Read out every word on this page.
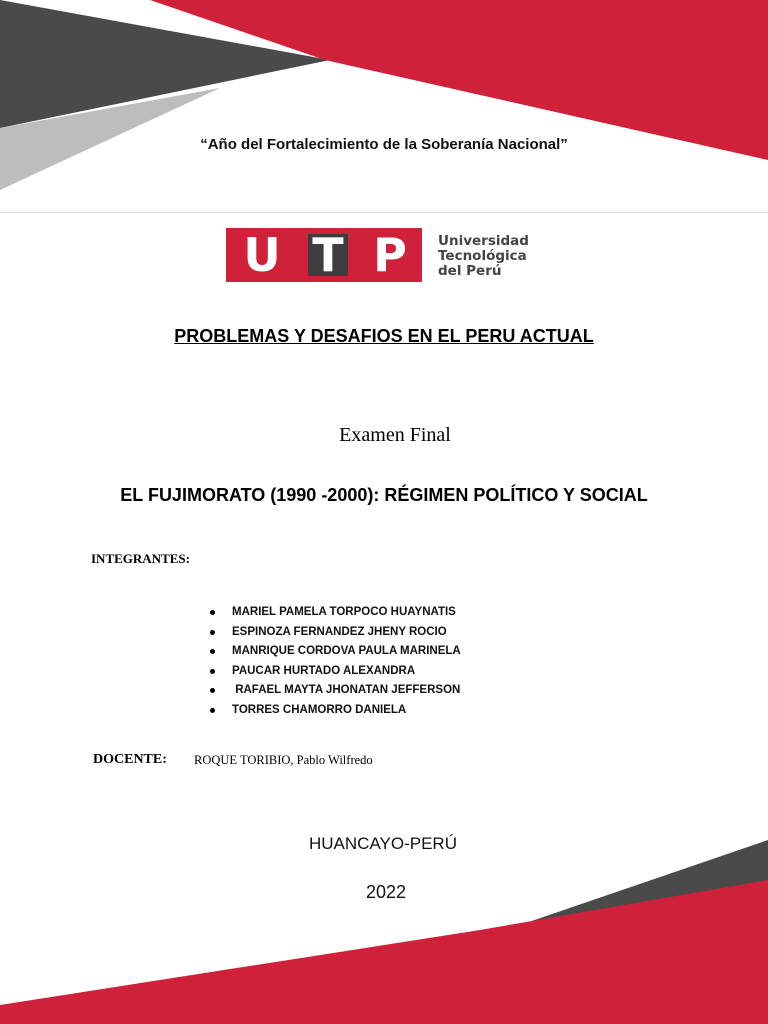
“Año del Fortalecimiento de la Soberanía Nacional”
U T P Universidad
Tecnológica
del Perú
PROBLEMAS Y DESAFIOS EN EL PERU ACTUAL
Examen Final
EL FUJIMORATO (1990 -2000): RÉGIMEN POLÍTICO Y SOCIAL
INTEGRANTES:
MARIEL PAMELA TORPOCO HUAYNATIS
ESPINOZA FERNANDEZ JHENY ROCIO
MANRIQUE CORDOVA PAULA MARINELA
PAUCAR HURTADO ALEXANDRA
RAFAEL MAYTA JHONATAN JEFFERSON
TORRES CHAMORRO DANIELA
DOCENTE: ROQUE TORIBIO, Pablo Wilfredo
HUANCAYO-PERÚ
2022
